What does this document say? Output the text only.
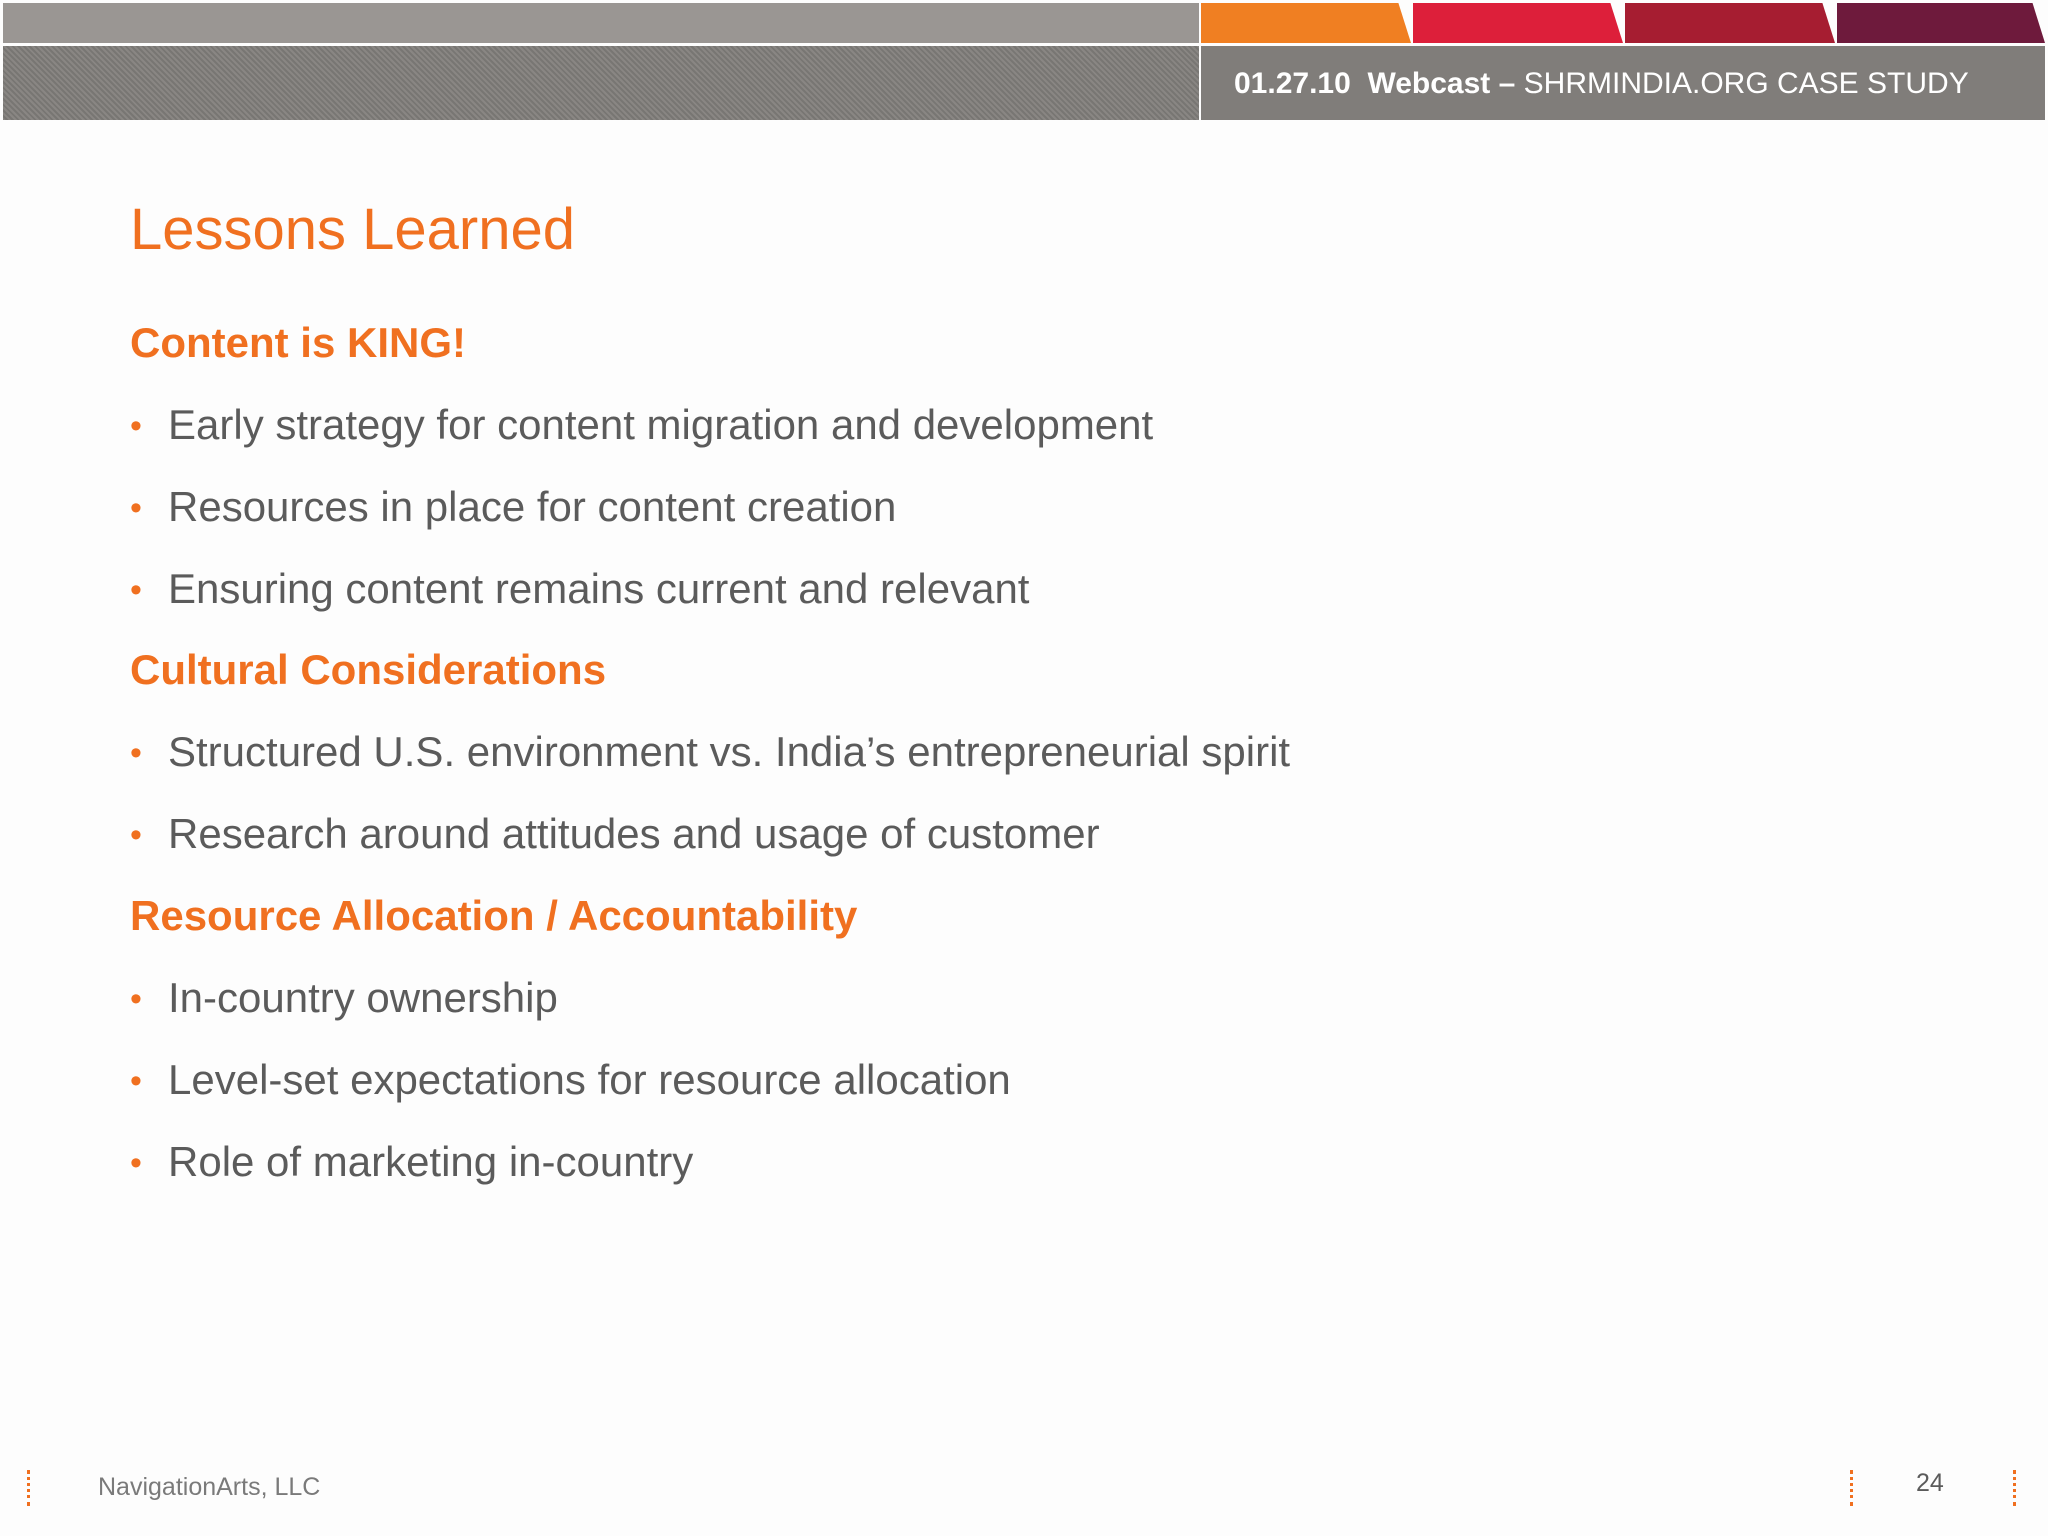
01.27.10 Webcast – SHRMINDIA.ORG CASE STUDY
Lessons Learned
Content is KING!
• Early strategy for content migration and development
• Resources in place for content creation
• Ensuring content remains current and relevant
Cultural Considerations
• Structured U.S. environment vs. India’s entrepreneurial spirit
• Research around attitudes and usage of customer
Resource Allocation / Accountability
• In-country ownership
• Level-set expectations for resource allocation
• Role of marketing in-country
NavigationArts, LLC	24
